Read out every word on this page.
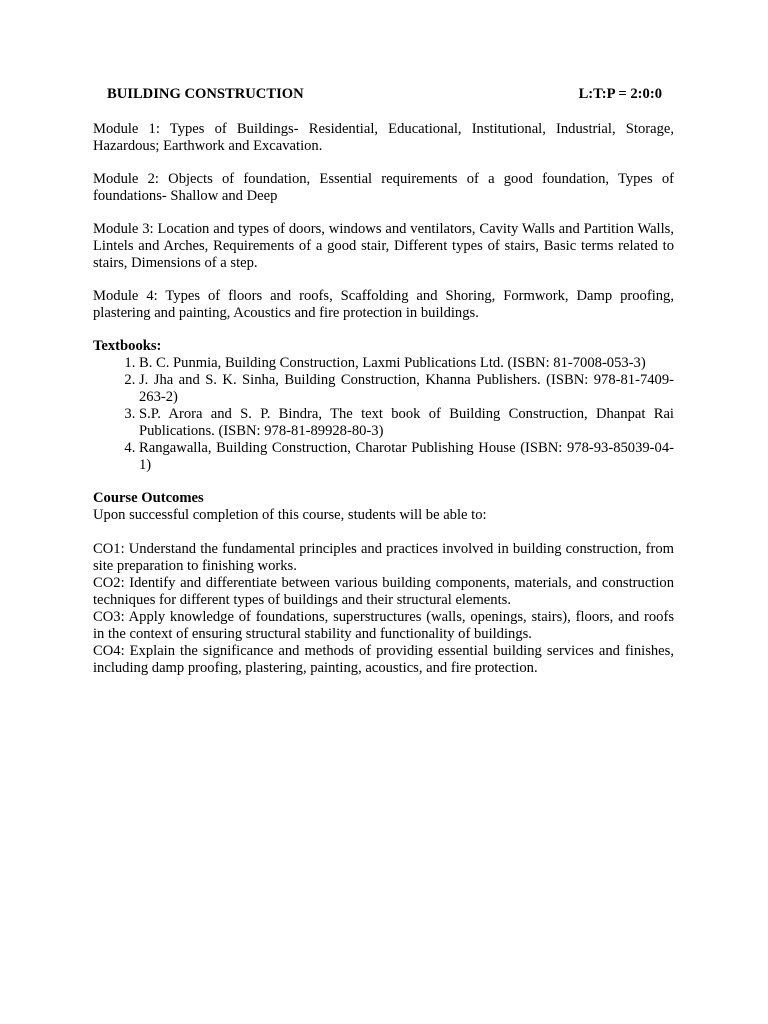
BUILDING CONSTRUCTION	L:T:P = 2:0:0

Module 1: Types of Buildings- Residential, Educational, Institutional, Industrial, Storage, Hazardous; Earthwork and Excavation.

Module 2: Objects of foundation, Essential requirements of a good foundation, Types of foundations- Shallow and Deep

Module 3: Location and types of doors, windows and ventilators, Cavity Walls and Partition Walls, Lintels and Arches, Requirements of a good stair, Different types of stairs, Basic terms related to stairs, Dimensions of a step.

Module 4: Types of floors and roofs, Scaffolding and Shoring, Formwork, Damp proofing, plastering and painting, Acoustics and fire protection in buildings.

Textbooks:

1. B. C. Punmia, Building Construction, Laxmi Publications Ltd. (ISBN: 81-7008-053-3)
2. J. Jha and S. K. Sinha, Building Construction, Khanna Publishers. (ISBN: 978-81-7409-263-2)
3. S.P. Arora and S. P. Bindra, The text book of Building Construction, Dhanpat Rai Publications. (ISBN: 978-81-89928-80-3)
4. Rangawalla, Building Construction, Charotar Publishing House (ISBN: 978-93-85039-04-1)

Course Outcomes

Upon successful completion of this course, students will be able to:

CO1: Understand the fundamental principles and practices involved in building construction, from site preparation to finishing works.

CO2: Identify and differentiate between various building components, materials, and construction techniques for different types of buildings and their structural elements.

CO3: Apply knowledge of foundations, superstructures (walls, openings, stairs), floors, and roofs in the context of ensuring structural stability and functionality of buildings.

CO4: Explain the significance and methods of providing essential building services and finishes, including damp proofing, plastering, painting, acoustics, and fire protection.
